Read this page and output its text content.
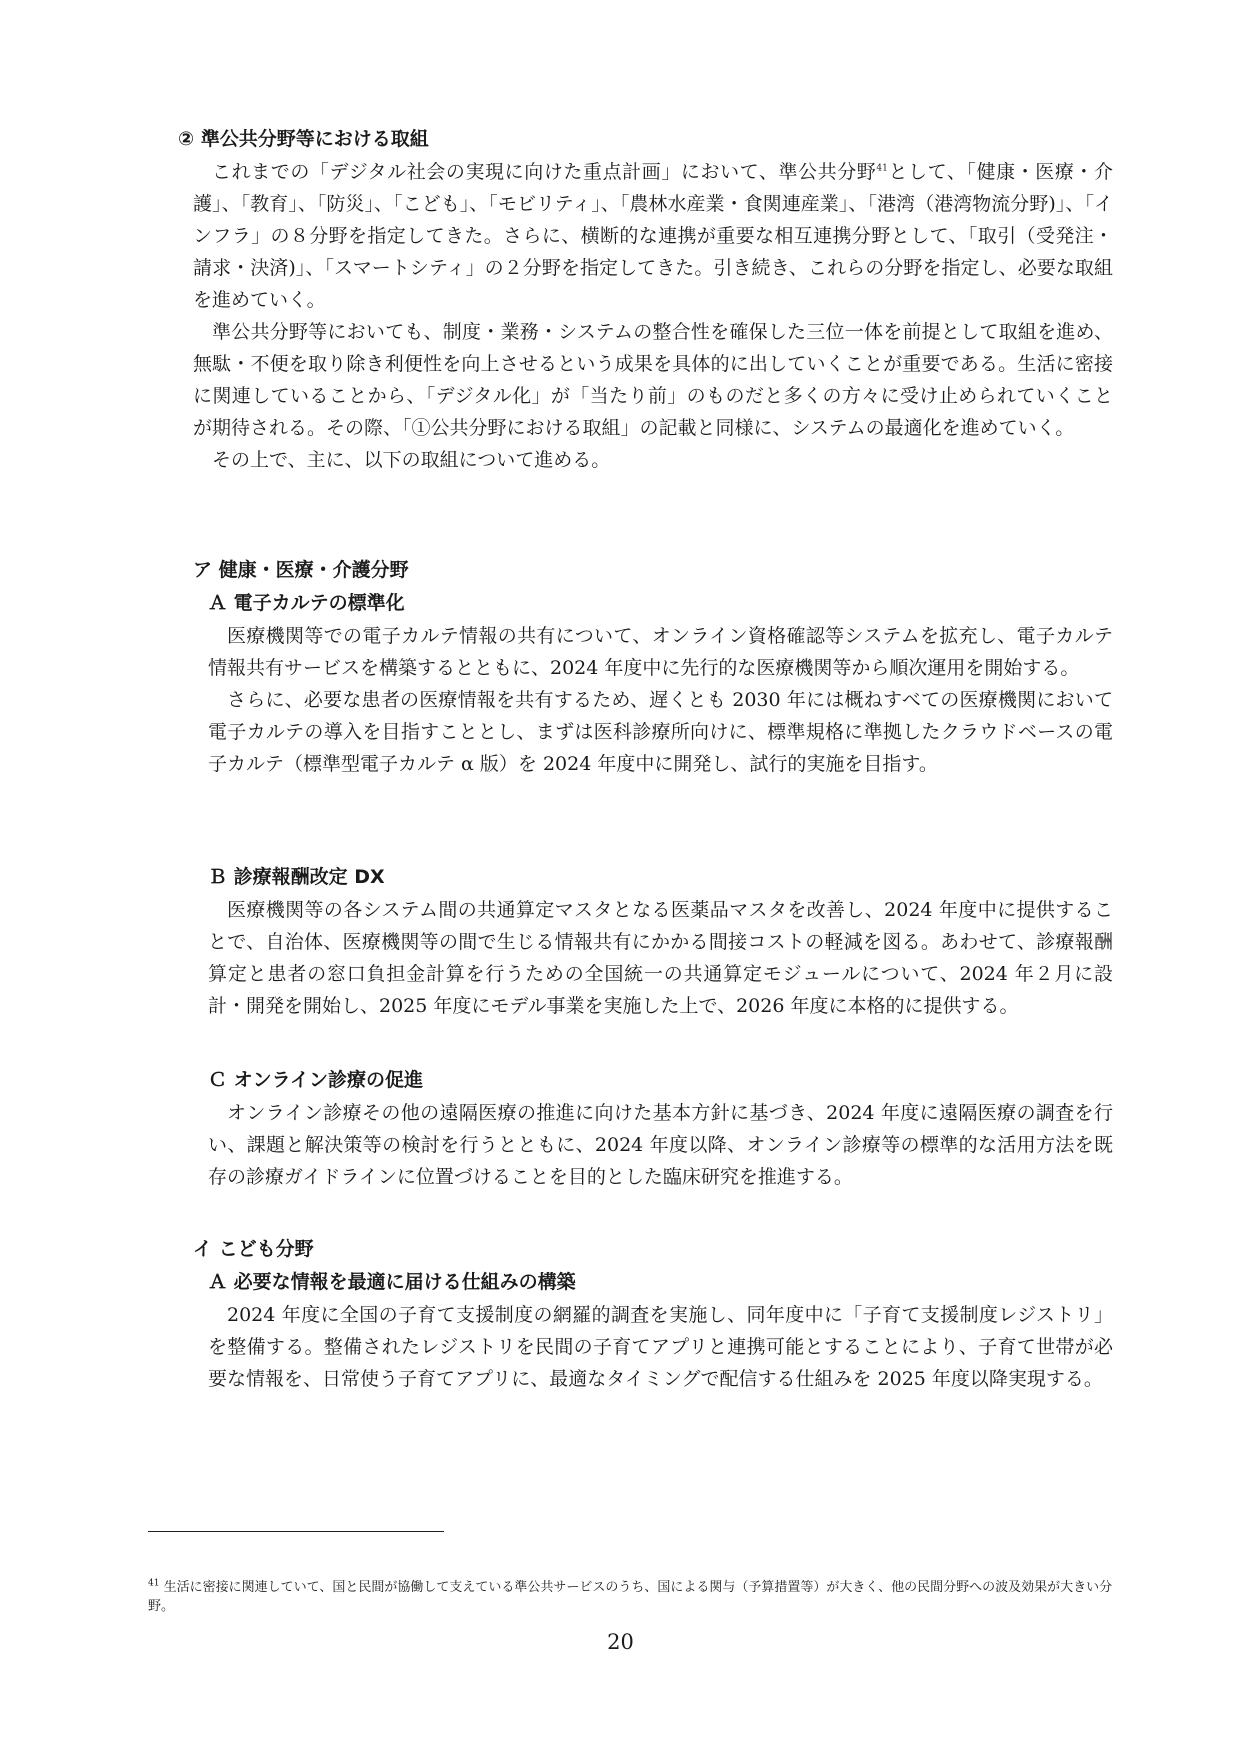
② 準公共分野等における取組
これまでの「デジタル社会の実現に向けた重点計画」において、準公共分野$^{41}$として、「健康・医療・介護」、「教育」、「防災」、「こども」、「モビリティ」、「農林水産業・食関連産業」、「港湾（港湾物流分野)」、「インフラ」の８分野を指定してきた。さらに、横断的な連携が重要な相互連携分野として、「取引（受発注・請求・決済)」、「スマートシティ」の２分野を指定してきた。引き続き、これらの分野を指定し、必要な取組を進めていく。
準公共分野等においても、制度・業務・システムの整合性を確保した三位一体を前提として取組を進め、無駄・不便を取り除き利便性を向上させるという成果を具体的に出していくことが重要である。生活に密接に関連していることから、「デジタル化」が「当たり前」のものだと多くの方々に受け止められていくことが期待される。その際、「①公共分野における取組」の記載と同様に、システムの最適化を進めていく。
その上で、主に、以下の取組について進める。
ア 健康・医療・介護分野
Ａ 電子カルテの標準化
医療機関等での電子カルテ情報の共有について、オンライン資格確認等システムを拡充し、電子カルテ情報共有サービスを構築するとともに、2024 年度中に先行的な医療機関等から順次運用を開始する。
さらに、必要な患者の医療情報を共有するため、遅くとも 2030 年には概ねすべての医療機関において電子カルテの導入を目指すこととし、まずは医科診療所向けに、標準規格に準拠したクラウドベースの電子カルテ（標準型電子カルテ α 版）を 2024 年度中に開発し、試行的実施を目指す。
Ｂ 診療報酬改定 DX
医療機関等の各システム間の共通算定マスタとなる医薬品マスタを改善し、2024 年度中に提供することで、自治体、医療機関等の間で生じる情報共有にかかる間接コストの軽減を図る。あわせて、診療報酬算定と患者の窓口負担金計算を行うための全国統一の共通算定モジュールについて、2024 年２月に設計・開発を開始し、2025 年度にモデル事業を実施した上で、2026 年度に本格的に提供する。
Ｃ オンライン診療の促進
オンライン診療その他の遠隔医療の推進に向けた基本方針に基づき、2024 年度に遠隔医療の調査を行い、課題と解決策等の検討を行うとともに、2024 年度以降、オンライン診療等の標準的な活用方法を既存の診療ガイドラインに位置づけることを目的とした臨床研究を推進する。
イ こども分野
Ａ 必要な情報を最適に届ける仕組みの構築
2024 年度に全国の子育て支援制度の網羅的調査を実施し、同年度中に「子育て支援制度レジストリ」を整備する。整備されたレジストリを民間の子育てアプリと連携可能とすることにより、子育て世帯が必要な情報を、日常使う子育てアプリに、最適なタイミングで配信する仕組みを 2025 年度以降実現する。

$^{41}$ 生活に密接に関連していて、国と民間が協働して支えている準公共サービスのうち、国による関与（予算措置等）が大きく、他の民間分野への波及効果が大きい分野。

20
